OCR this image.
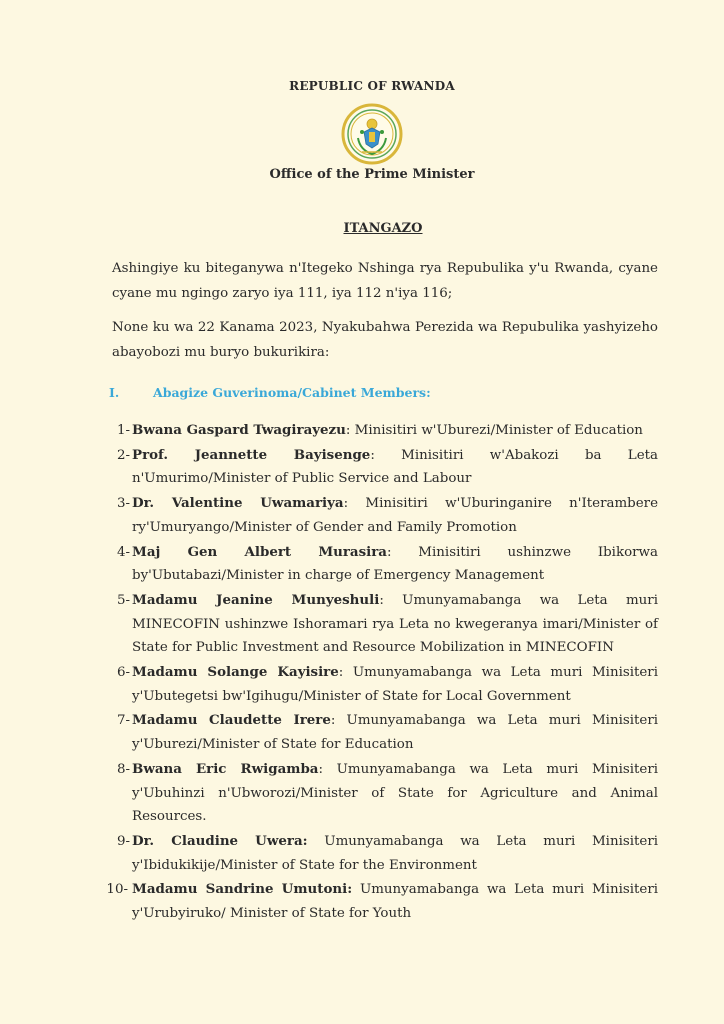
REPUBLIC OF RWANDA
Office of the Prime Minister
ITANGAZO
Ashingiye ku biteganywa n'Itegeko Nshinga rya Repubulika y'u Rwanda, cyane cyane mu ngingo zaryo iya 111, iya 112 n'iya 116;
None ku wa 22 Kanama 2023, Nyakubahwa Perezida wa Repubulika yashyizeho abayobozi mu buryo bukurikira:
I.	Abagize Guverinoma/Cabinet Members:
1- Bwana Gaspard Twagirayezu: Minisitiri w'Uburezi/Minister of Education
2- Prof. Jeannette Bayisenge: Minisitiri w'Abakozi ba Leta n'Umurimo/Minister of Public Service and Labour
3- Dr. Valentine Uwamariya: Minisitiri w'Uburinganire n'Iterambere ry'Umuryango/Minister of Gender and Family Promotion
4- Maj Gen Albert Murasira: Minisitiri ushinzwe Ibikorwa by'Ubutabazi/Minister in charge of Emergency Management
5- Madamu Jeanine Munyeshuli: Umunyamabanga wa Leta muri MINECOFIN ushinzwe Ishoramari rya Leta no kwegeranya imari/Minister of State for Public Investment and Resource Mobilization in MINECOFIN
6- Madamu Solange Kayisire: Umunyamabanga wa Leta muri Minisiteri y'Ubutegetsi bw'Igihugu/Minister of State for Local Government
7- Madamu Claudette Irere: Umunyamabanga wa Leta muri Minisiteri y'Uburezi/Minister of State for Education
8- Bwana Eric Rwigamba: Umunyamabanga wa Leta muri Minisiteri y'Ubuhinzi n'Ubworozi/Minister of State for Agriculture and Animal Resources.
9- Dr. Claudine Uwera: Umunyamabanga wa Leta muri Minisiteri y'Ibidukikije/Minister of State for the Environment
10- Madamu Sandrine Umutoni: Umunyamabanga wa Leta muri Minisiteri y'Urubyiruko/ Minister of State for Youth
